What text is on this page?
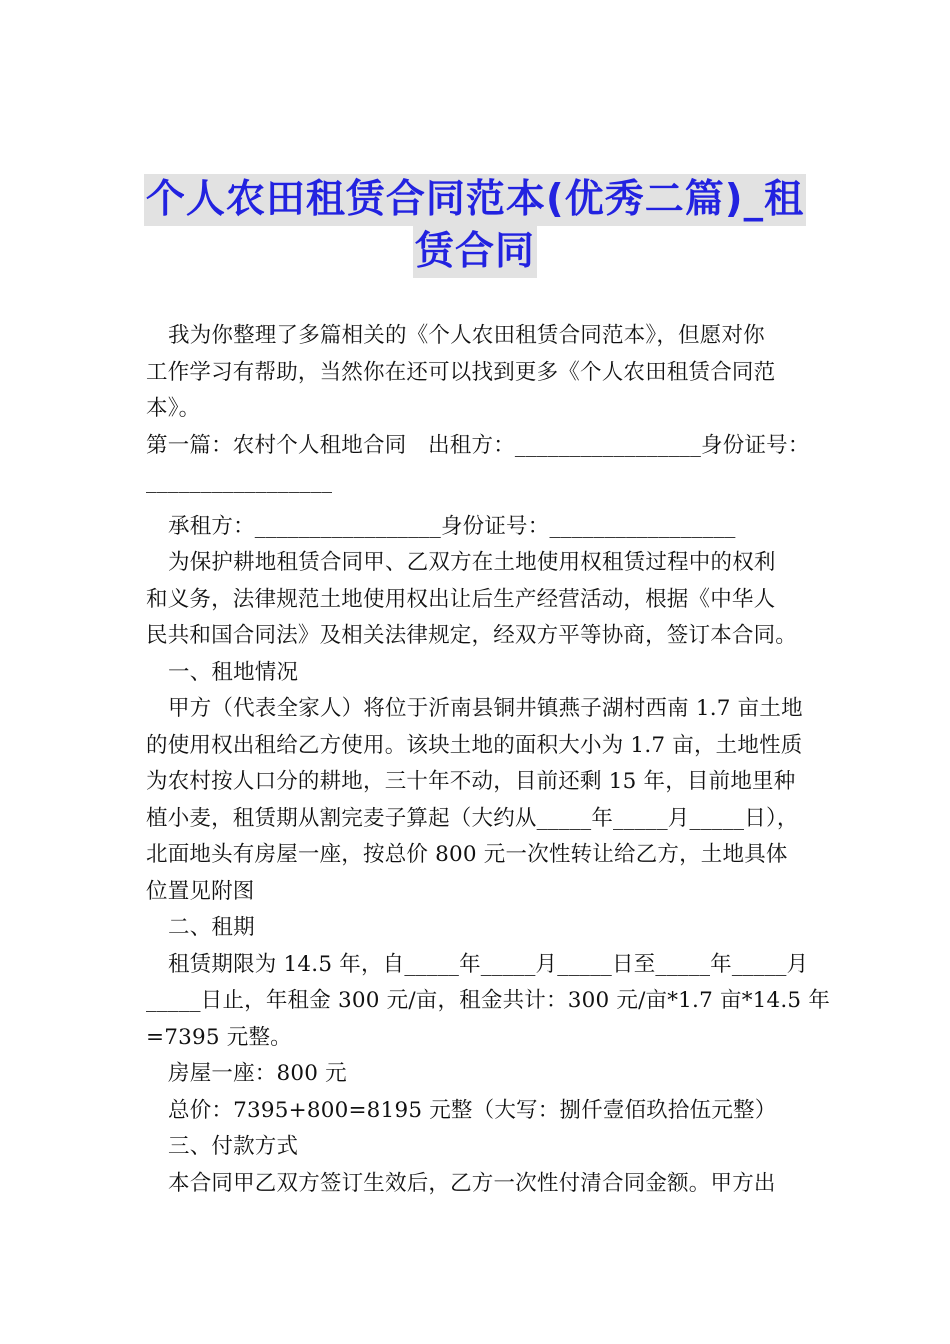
个人农田租赁合同范本(优秀二篇)_租
赁合同

我为你整理了多篇相关的《个人农田租赁合同范本》，但愿对你

工作学习有帮助，当然你在还可以找到更多《个人农田租赁合同范

本》。

第一篇：农村个人租地合同　出租方：_________________身份证号：

_________________

承租方：_________________身份证号：_________________

为保护耕地租赁合同甲、乙双方在土地使用权租赁过程中的权利

和义务，法律规范土地使用权出让后生产经营活动，根据《中华人

民共和国合同法》及相关法律规定，经双方平等协商，签订本合同。

一、租地情况

甲方（代表全家人）将位于沂南县铜井镇燕子湖村西南 1.7 亩土地

的使用权出租给乙方使用。该块土地的面积大小为 1.7 亩，土地性质

为农村按人口分的耕地，三十年不动，目前还剩 15 年，目前地里种

植小麦，租赁期从割完麦子算起（大约从_____年_____月_____日），

北面地头有房屋一座，按总价 800 元一次性转让给乙方，土地具体

位置见附图

二、租期

租赁期限为 14.5 年，自_____年_____月_____日至_____年_____月

_____日止，年租金 300 元/亩，租金共计：300 元/亩*1.7 亩*14.5 年

=7395 元整。

房屋一座：800 元

总价：7395+800=8195 元整（大写：捌仟壹佰玖拾伍元整）

三、付款方式

本合同甲乙双方签订生效后，乙方一次性付清合同金额。甲方出
